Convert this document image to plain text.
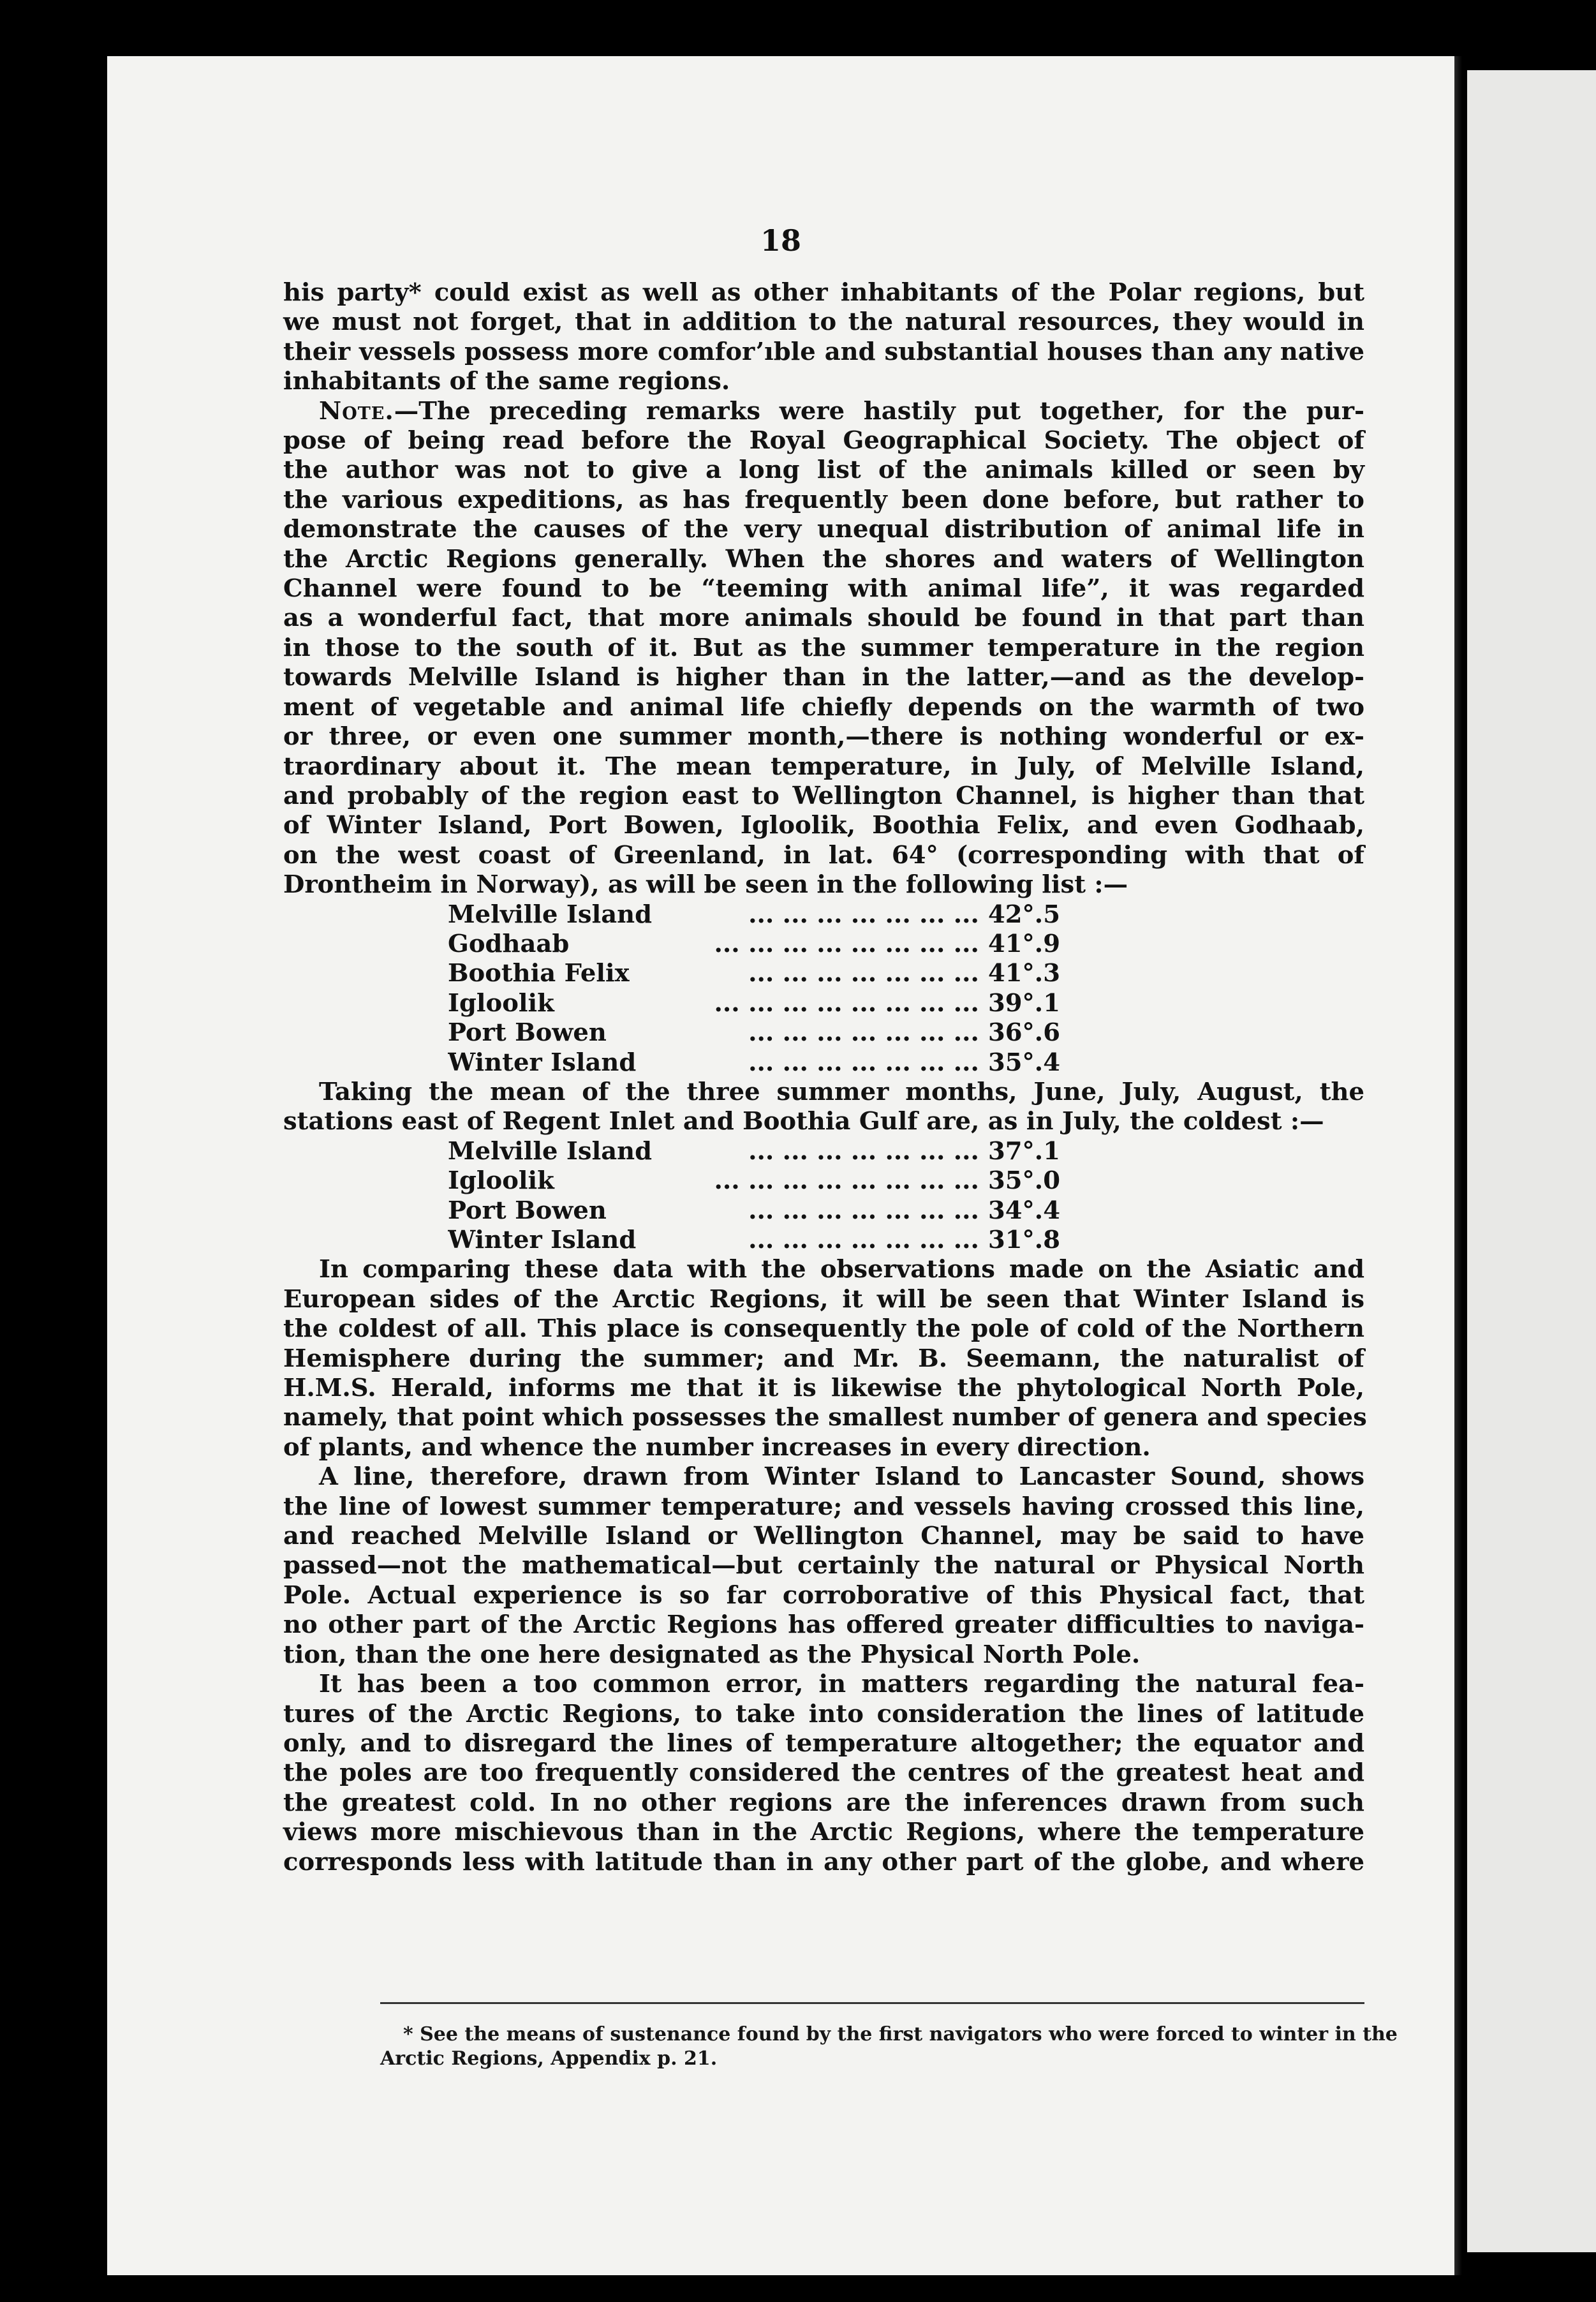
18
his party* could exist as well as other inhabitants of the Polar regions, but
we must not forget, that in addition to the natural resources, they would in
their vessels possess more comfor’ıble and substantial houses than any native
inhabitants of the same regions.
Note.—The preceding remarks were hastily put together, for the pur-
pose of being read before the Royal Geographical Society. The object of
the author was not to give a long list of the animals killed or seen by
the various expeditions, as has frequently been done before, but rather to
demonstrate the causes of the very unequal distribution of animal life in
the Arctic Regions generally. When the shores and waters of Wellington
Channel were found to be “teeming with animal life”, it was regarded
as a wonderful fact, that more animals should be found in that part than
in those to the south of it. But as the summer temperature in the region
towards Melville Island is higher than in the latter,—and as the develop-
ment of vegetable and animal life chiefly depends on the warmth of two
or three, or even one summer month,—there is nothing wonderful or ex-
traordinary about it. The mean temperature, in July, of Melville Island,
and probably of the region east to Wellington Channel, is higher than that
of Winter Island, Port Bowen, Igloolik, Boothia Felix, and even Godhaab,
on the west coast of Greenland, in lat. 64° (corresponding with that of
Drontheim in Norway), as will be seen in the following list :—
Melville Island	... ... ... ... ... ... ... 42°.5
Godhaab	... ... ... ... ... ... ... ... 41°.9
Boothia Felix	... ... ... ... ... ... ... 41°.3
Igloolik	... ... ... ... ... ... ... ... 39°.1
Port Bowen	... ... ... ... ... ... ... 36°.6
Winter Island	... ... ... ... ... ... ... 35°.4
Taking the mean of the three summer months, June, July, August, the
stations east of Regent Inlet and Boothia Gulf are, as in July, the coldest :—
Melville Island	... ... ... ... ... ... ... 37°.1
Igloolik	... ... ... ... ... ... ... ... 35°.0
Port Bowen	... ... ... ... ... ... ... 34°.4
Winter Island	... ... ... ... ... ... ... 31°.8
In comparing these data with the observations made on the Asiatic and
European sides of the Arctic Regions, it will be seen that Winter Island is
the coldest of all. This place is consequently the pole of cold of the Northern
Hemisphere during the summer; and Mr. B. Seemann, the naturalist of
H.M.S. Herald, informs me that it is likewise the phytological North Pole,
namely, that point which possesses the smallest number of genera and species
of plants, and whence the number increases in every direction.
A line, therefore, drawn from Winter Island to Lancaster Sound, shows
the line of lowest summer temperature; and vessels having crossed this line,
and reached Melville Island or Wellington Channel, may be said to have
passed—not the mathematical—but certainly the natural or Physical North
Pole. Actual experience is so far corroborative of this Physical fact, that
no other part of the Arctic Regions has offered greater difficulties to naviga-
tion, than the one here designated as the Physical North Pole.
It has been a too common error, in matters regarding the natural fea-
tures of the Arctic Regions, to take into consideration the lines of latitude
only, and to disregard the lines of temperature altogether; the equator and
the poles are too frequently considered the centres of the greatest heat and
the greatest cold. In no other regions are the inferences drawn from such
views more mischievous than in the Arctic Regions, where the temperature
corresponds less with latitude than in any other part of the globe, and where
* See the means of sustenance found by the first navigators who were forced to winter in the
Arctic Regions, Appendix p. 21.
